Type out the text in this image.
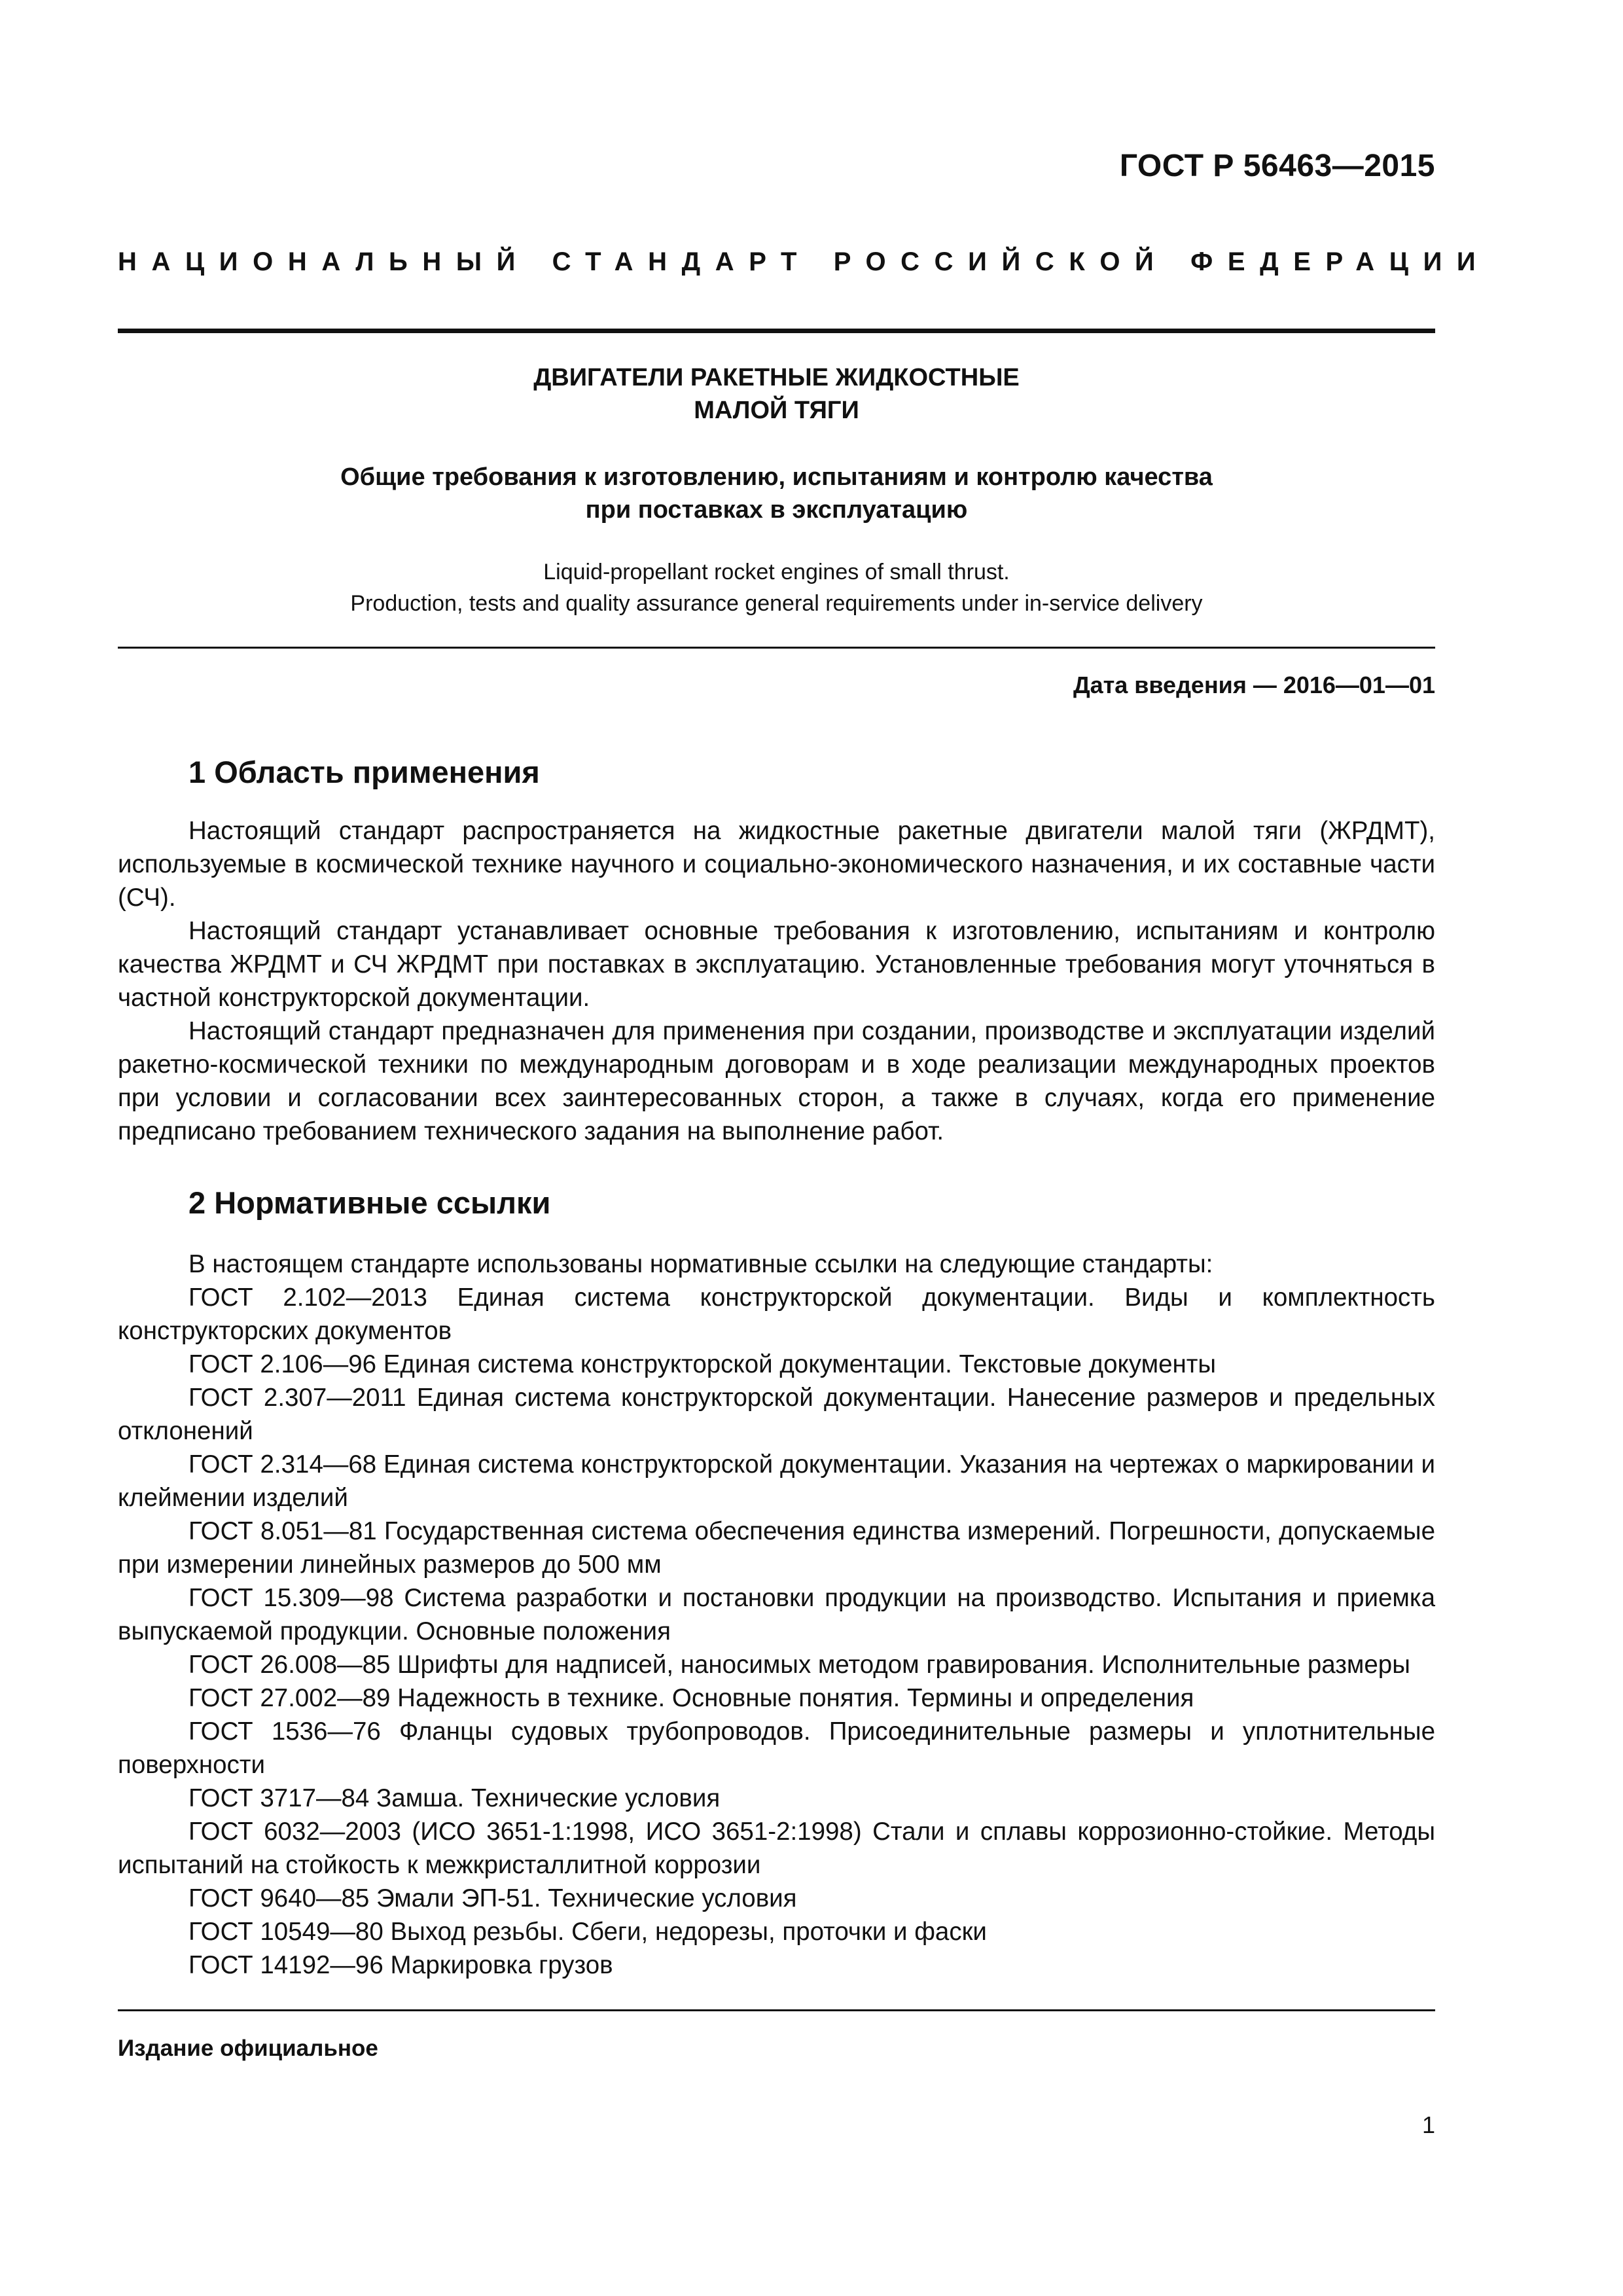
ГОСТ Р 56463—2015
НАЦИОНАЛЬНЫЙ СТАНДАРТ РОССИЙСКОЙ ФЕДЕРАЦИИ
ДВИГАТЕЛИ РАКЕТНЫЕ ЖИДКОСТНЫЕ
МАЛОЙ ТЯГИ
Общие требования к изготовлению, испытаниям и контролю качества
при поставках в эксплуатацию
Liquid-propellant rocket engines of small thrust.
Production, tests and quality assurance general requirements under in-service delivery
Дата введения — 2016—01—01
1 Область применения

Настоящий стандарт распространяется на жидкостные ракетные двигатели малой тяги (ЖРДМТ), используемые в космической технике научного и социально-экономического назначения, и их составные части (СЧ).

Настоящий стандарт устанавливает основные требования к изготовлению, испытаниям и контролю качества ЖРДМТ и СЧ ЖРДМТ при поставках в эксплуатацию. Установленные требования могут уточняться в частной конструкторской документации.

Настоящий стандарт предназначен для применения при создании, производстве и эксплуатации изделий ракетно-космической техники по международным договорам и в ходе реализации международных проектов при условии и согласовании всех заинтересованных сторон, а также в случаях, когда его применение предписано требованием технического задания на выполнение работ.

2 Нормативные ссылки

В настоящем стандарте использованы нормативные ссылки на следующие стандарты:

ГОСТ 2.102—2013 Единая система конструкторской документации. Виды и комплектность конструкторских документов

ГОСТ 2.106—96 Единая система конструкторской документации. Текстовые документы

ГОСТ 2.307—2011 Единая система конструкторской документации. Нанесение размеров и предельных отклонений

ГОСТ 2.314—68 Единая система конструкторской документации. Указания на чертежах о маркировании и клеймении изделий

ГОСТ 8.051—81 Государственная система обеспечения единства измерений. Погрешности, допускаемые при измерении линейных размеров до 500 мм

ГОСТ 15.309—98 Система разработки и постановки продукции на производство. Испытания и приемка выпускаемой продукции. Основные положения

ГОСТ 26.008—85 Шрифты для надписей, наносимых методом гравирования. Исполнительные размеры

ГОСТ 27.002—89 Надежность в технике. Основные понятия. Термины и определения

ГОСТ 1536—76 Фланцы судовых трубопроводов. Присоединительные размеры и уплотнительные поверхности

ГОСТ 3717—84 Замша. Технические условия

ГОСТ 6032—2003 (ИСО 3651-1:1998, ИСО 3651-2:1998) Стали и сплавы коррозионно-стойкие. Методы испытаний на стойкость к межкристаллитной коррозии

ГОСТ 9640—85 Эмали ЭП-51. Технические условия

ГОСТ 10549—80 Выход резьбы. Сбеги, недорезы, проточки и фаски

ГОСТ 14192—96 Маркировка грузов

Издание официальное
1
